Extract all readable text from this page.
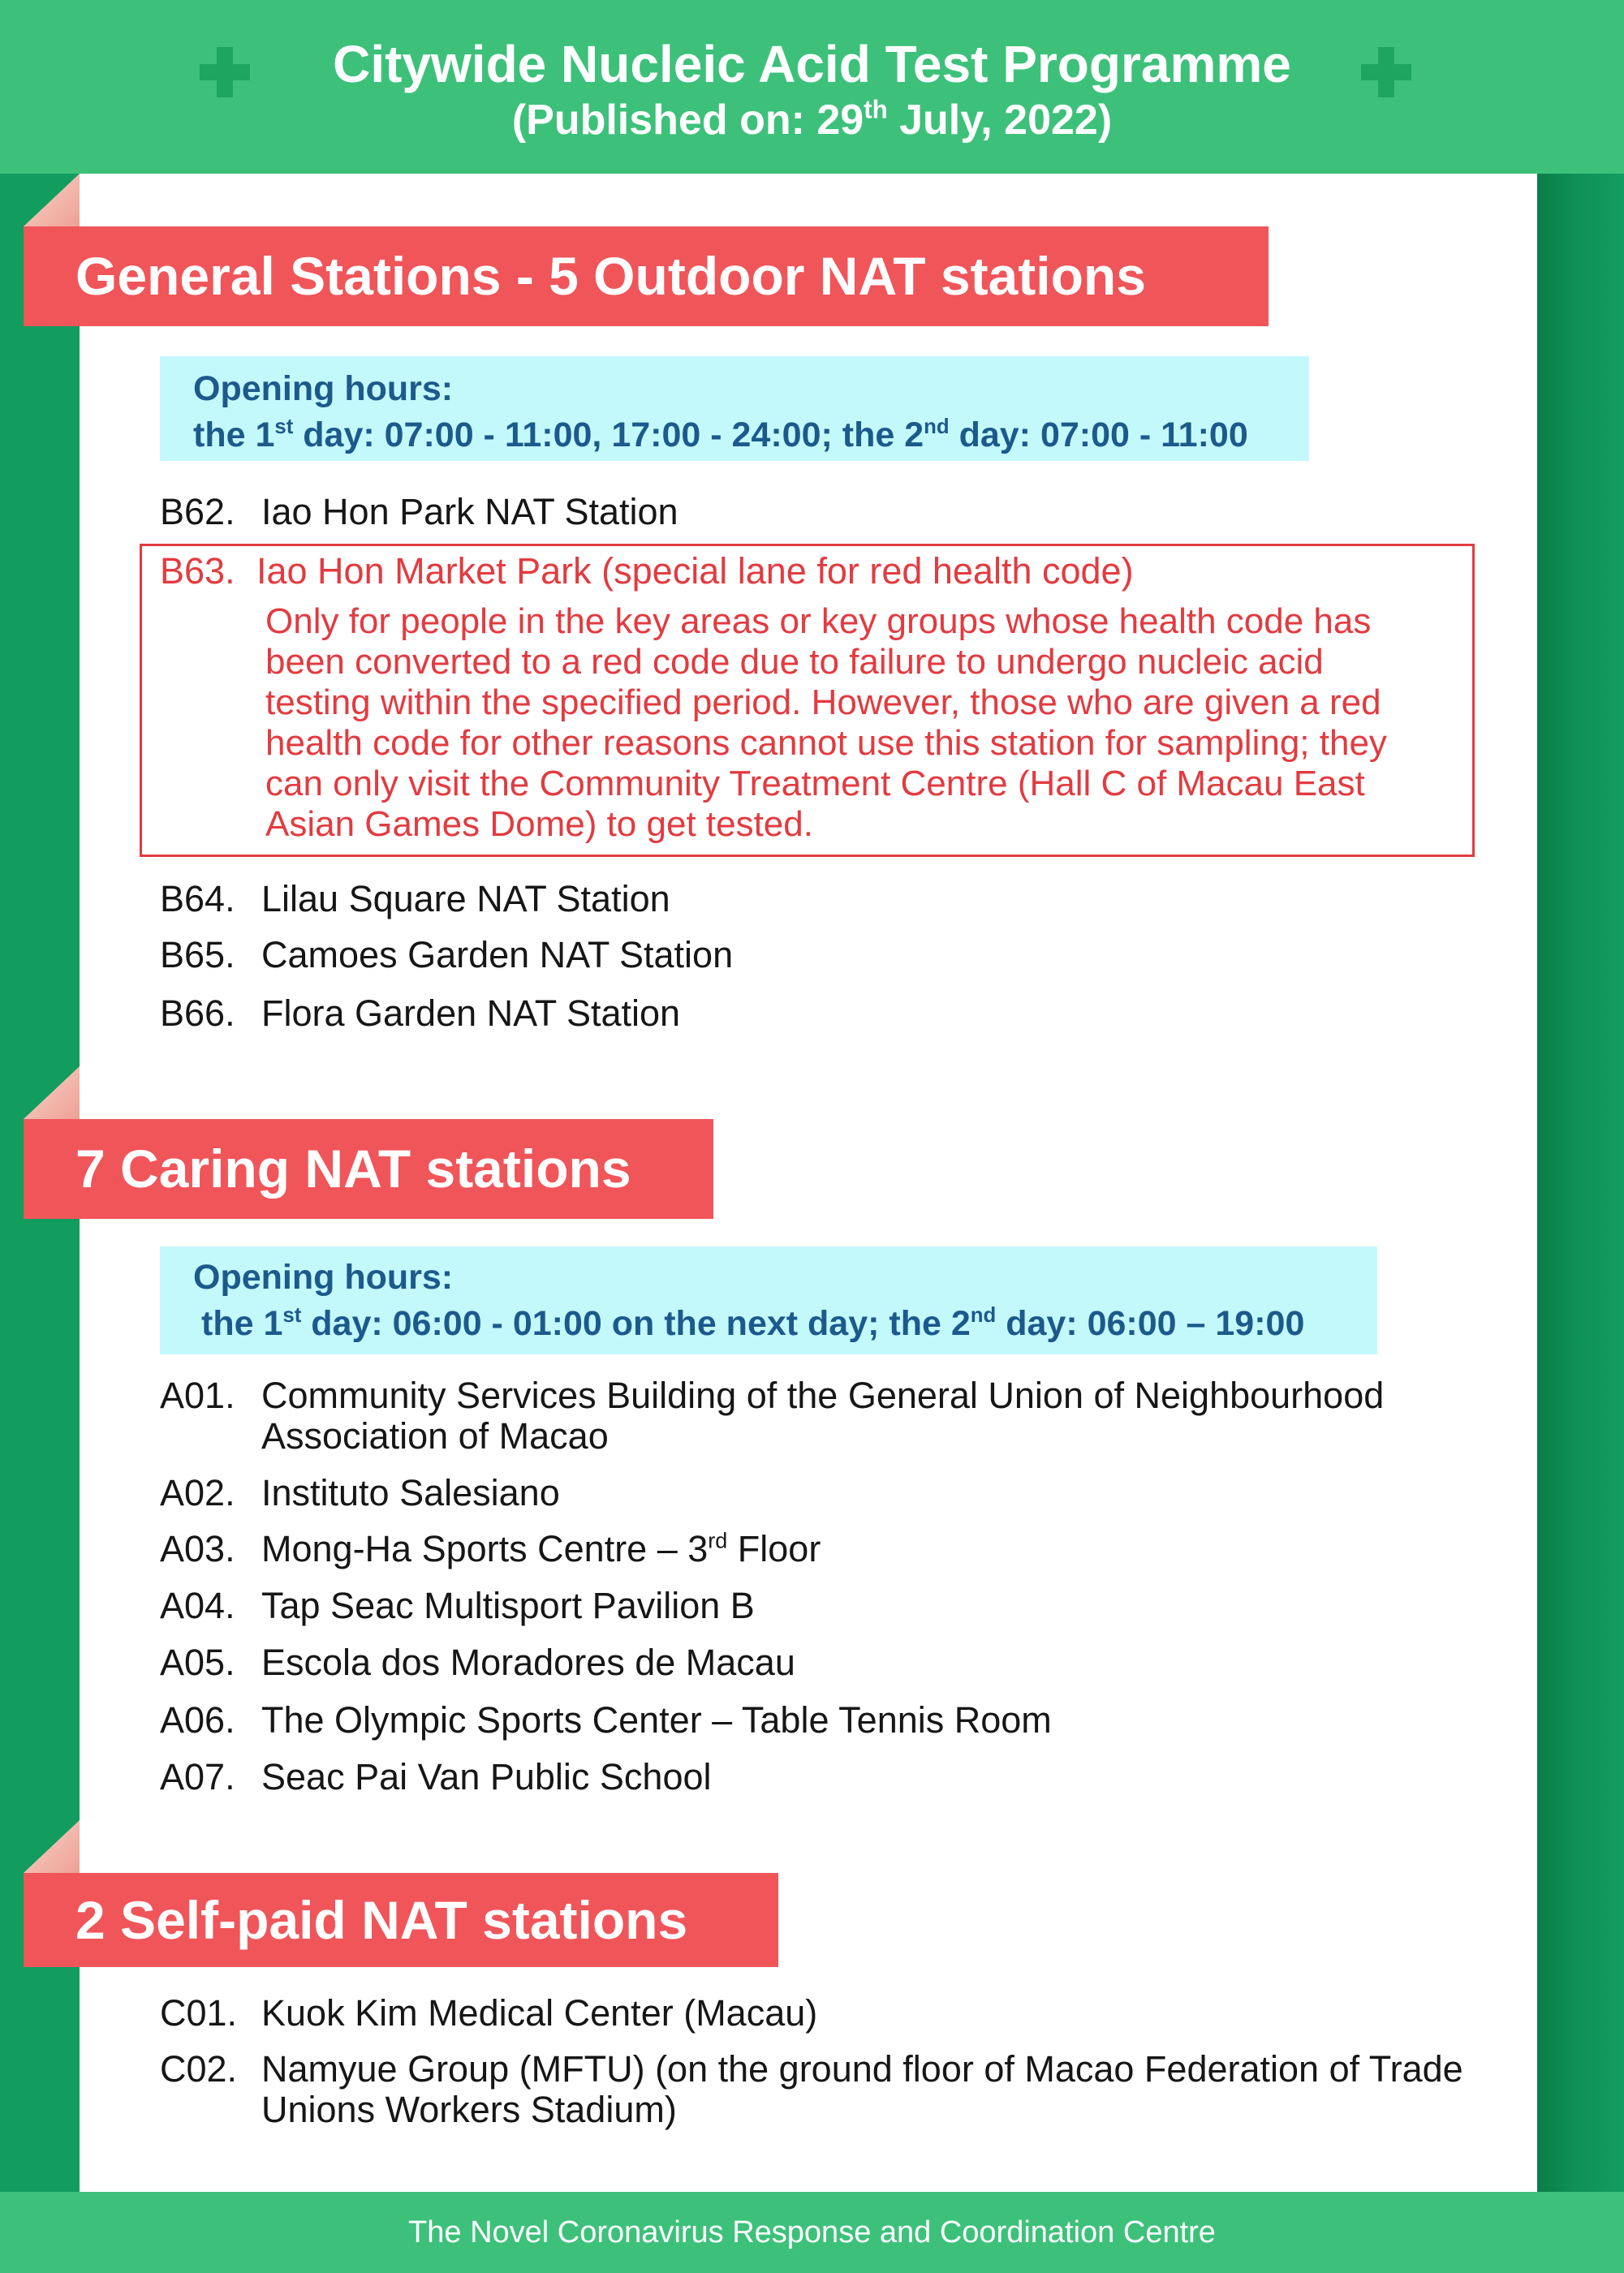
Citywide Nucleic Acid Test Programme
(Published on: 29th July, 2022)
General Stations - 5 Outdoor NAT stations
Opening hours:
the 1st day: 07:00 - 11:00, 17:00 - 24:00; the 2nd day: 07:00 - 11:00
B62. Iao Hon Park NAT Station
B63. Iao Hon Market Park (special lane for red health code)
Only for people in the key areas or key groups whose health code has
been converted to a red code due to failure to undergo nucleic acid
testing within the specified period. However, those who are given a red
health code for other reasons cannot use this station for sampling; they
can only visit the Community Treatment Centre (Hall C of Macau East
Asian Games Dome) to get tested.
B64. Lilau Square NAT Station
B65. Camoes Garden NAT Station
B66. Flora Garden NAT Station
7 Caring NAT stations
Opening hours:
the 1st day: 06:00 - 01:00 on the next day; the 2nd day: 06:00 – 19:00
A01. Community Services Building of the General Union of Neighbourhood Association of Macao
A02. Instituto Salesiano
A03. Mong-Ha Sports Centre – 3rd Floor
A04. Tap Seac Multisport Pavilion B
A05. Escola dos Moradores de Macau
A06. The Olympic Sports Center – Table Tennis Room
A07. Seac Pai Van Public School
2 Self-paid NAT stations
C01. Kuok Kim Medical Center (Macau)
C02. Namyue Group (MFTU) (on the ground floor of Macao Federation of Trade Unions Workers Stadium)
The Novel Coronavirus Response and Coordination Centre
